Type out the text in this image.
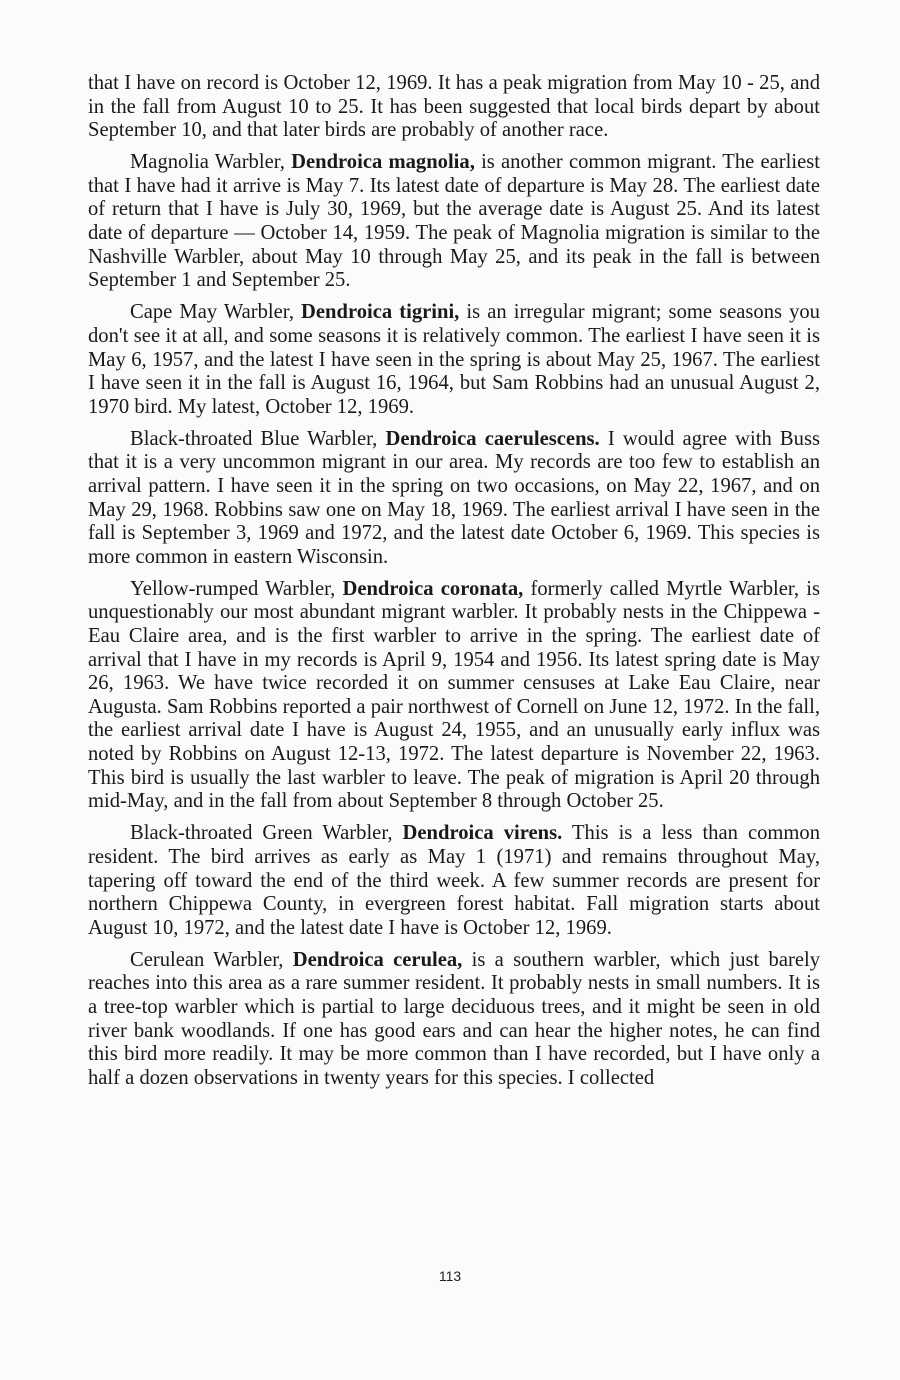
that I have on record is October 12, 1969. It has a peak migration from May 10 - 25, and in the fall from August 10 to 25. It has been suggested that local birds depart by about September 10, and that later birds are probably of another race.

Magnolia Warbler, Dendroica magnolia, is another common migrant. The earliest that I have had it arrive is May 7. Its latest date of departure is May 28. The earliest date of return that I have is July 30, 1969, but the average date is August 25. And its latest date of departure — October 14, 1959. The peak of Magnolia migration is similar to the Nashville Warbler, about May 10 through May 25, and its peak in the fall is between September 1 and September 25.

Cape May Warbler, Dendroica tigrini, is an irregular migrant; some seasons you don't see it at all, and some seasons it is relatively common. The earliest I have seen it is May 6, 1957, and the latest I have seen in the spring is about May 25, 1967. The earliest I have seen it in the fall is August 16, 1964, but Sam Robbins had an unusual August 2, 1970 bird. My latest, October 12, 1969.

Black-throated Blue Warbler, Dendroica caerulescens. I would agree with Buss that it is a very uncommon migrant in our area. My records are too few to establish an arrival pattern. I have seen it in the spring on two occasions, on May 22, 1967, and on May 29, 1968. Robbins saw one on May 18, 1969. The earliest arrival I have seen in the fall is September 3, 1969 and 1972, and the latest date October 6, 1969. This species is more common in eastern Wisconsin.

Yellow-rumped Warbler, Dendroica coronata, formerly called Myrtle Warbler, is unquestionably our most abundant migrant warbler. It probably nests in the Chippewa - Eau Claire area, and is the first warbler to arrive in the spring. The earliest date of arrival that I have in my records is April 9, 1954 and 1956. Its latest spring date is May 26, 1963. We have twice recorded it on summer censuses at Lake Eau Claire, near Augusta. Sam Robbins reported a pair northwest of Cornell on June 12, 1972. In the fall, the earliest arrival date I have is August 24, 1955, and an unusually early influx was noted by Robbins on August 12-13, 1972. The latest departure is November 22, 1963. This bird is usually the last warbler to leave. The peak of migration is April 20 through mid-May, and in the fall from about September 8 through October 25.

Black-throated Green Warbler, Dendroica virens. This is a less than common resident. The bird arrives as early as May 1 (1971) and remains throughout May, tapering off toward the end of the third week. A few summer records are present for northern Chippewa County, in evergreen forest habitat. Fall migration starts about August 10, 1972, and the latest date I have is October 12, 1969.

Cerulean Warbler, Dendroica cerulea, is a southern warbler, which just barely reaches into this area as a rare summer resident. It probably nests in small numbers. It is a tree-top warbler which is partial to large deciduous trees, and it might be seen in old river bank woodlands. If one has good ears and can hear the higher notes, he can find this bird more readily. It may be more common than I have recorded, but I have only a half a dozen observations in twenty years for this species. I collected

113
